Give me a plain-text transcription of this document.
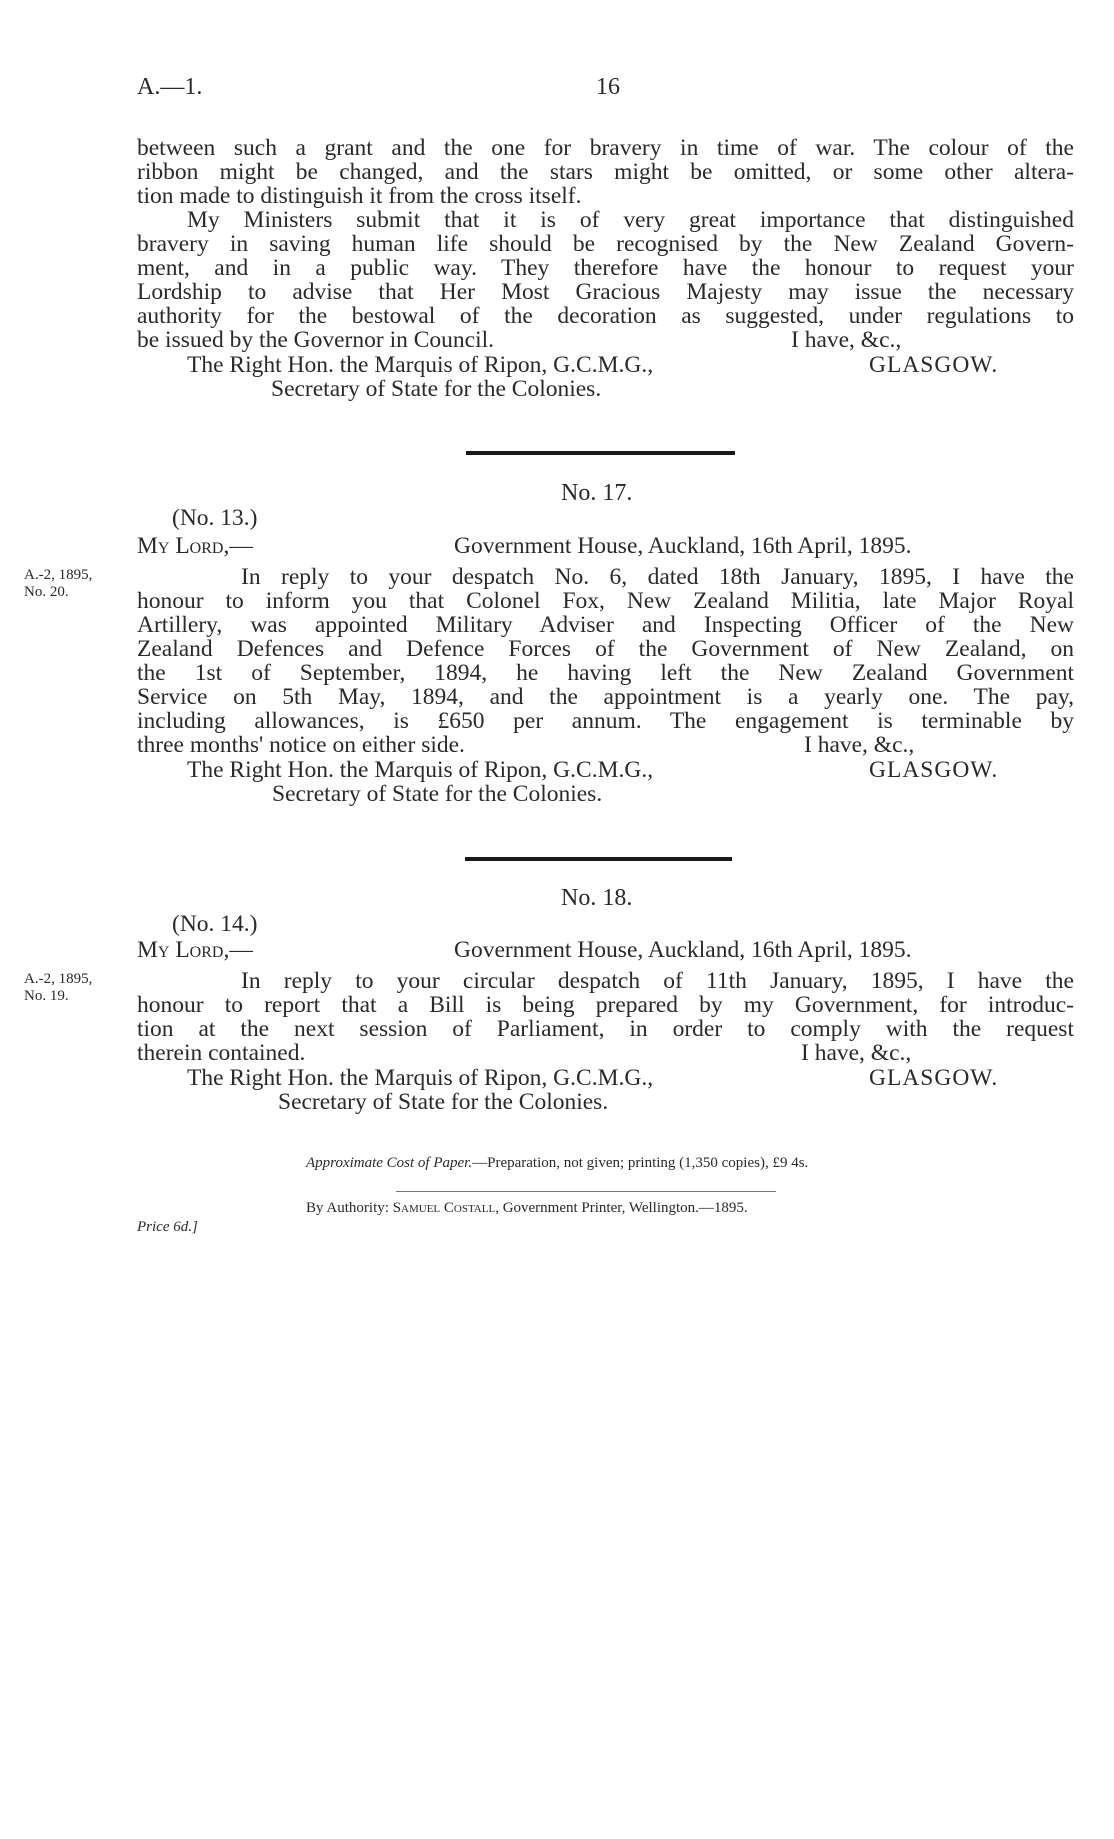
A.—1.	16
between such a grant and the one for bravery in time of war. The colour of the
ribbon might be changed, and the stars might be omitted, or some other altera-
tion made to distinguish it from the cross itself.
My Ministers submit that it is of very great importance that distinguished
bravery in saving human life should be recognised by the New Zealand Govern-
ment, and in a public way. They therefore have the honour to request your
Lordship to advise that Her Most Gracious Majesty may issue the necessary
authority for the bestowal of the decoration as suggested, under regulations to
be issued by the Governor in Council.	I have, &c.,
The Right Hon. the Marquis of Ripon, G.C.M.G.,	GLASGOW.
Secretary of State for the Colonies.
No. 17.
(No. 13.)
My Lord,—	Government House, Auckland, 16th April, 1895.
A.-2, 1895,
No. 20.
In reply to your despatch No. 6, dated 18th January, 1895, I have the
honour to inform you that Colonel Fox, New Zealand Militia, late Major Royal
Artillery, was appointed Military Adviser and Inspecting Officer of the New
Zealand Defences and Defence Forces of the Government of New Zealand, on
the 1st of September, 1894, he having left the New Zealand Government
Service on 5th May, 1894, and the appointment is a yearly one. The pay,
including allowances, is £650 per annum. The engagement is terminable by
three months' notice on either side.	I have, &c.,
The Right Hon. the Marquis of Ripon, G.C.M.G.,	GLASGOW.
Secretary of State for the Colonies.
No. 18.
(No. 14.)
My Lord,—	Government House, Auckland, 16th April, 1895.
A.-2, 1895,
No. 19.
In reply to your circular despatch of 11th January, 1895, I have the
honour to report that a Bill is being prepared by my Government, for introduc-
tion at the next session of Parliament, in order to comply with the request
therein contained.	I have, &c.,
The Right Hon. the Marquis of Ripon, G.C.M.G.,	GLASGOW.
Secretary of State for the Colonies.
Approximate Cost of Paper.—Preparation, not given; printing (1,350 copies), £9 4s.
By Authority: Samuel Costall, Government Printer, Wellington.—1895.
Price 6d.]
